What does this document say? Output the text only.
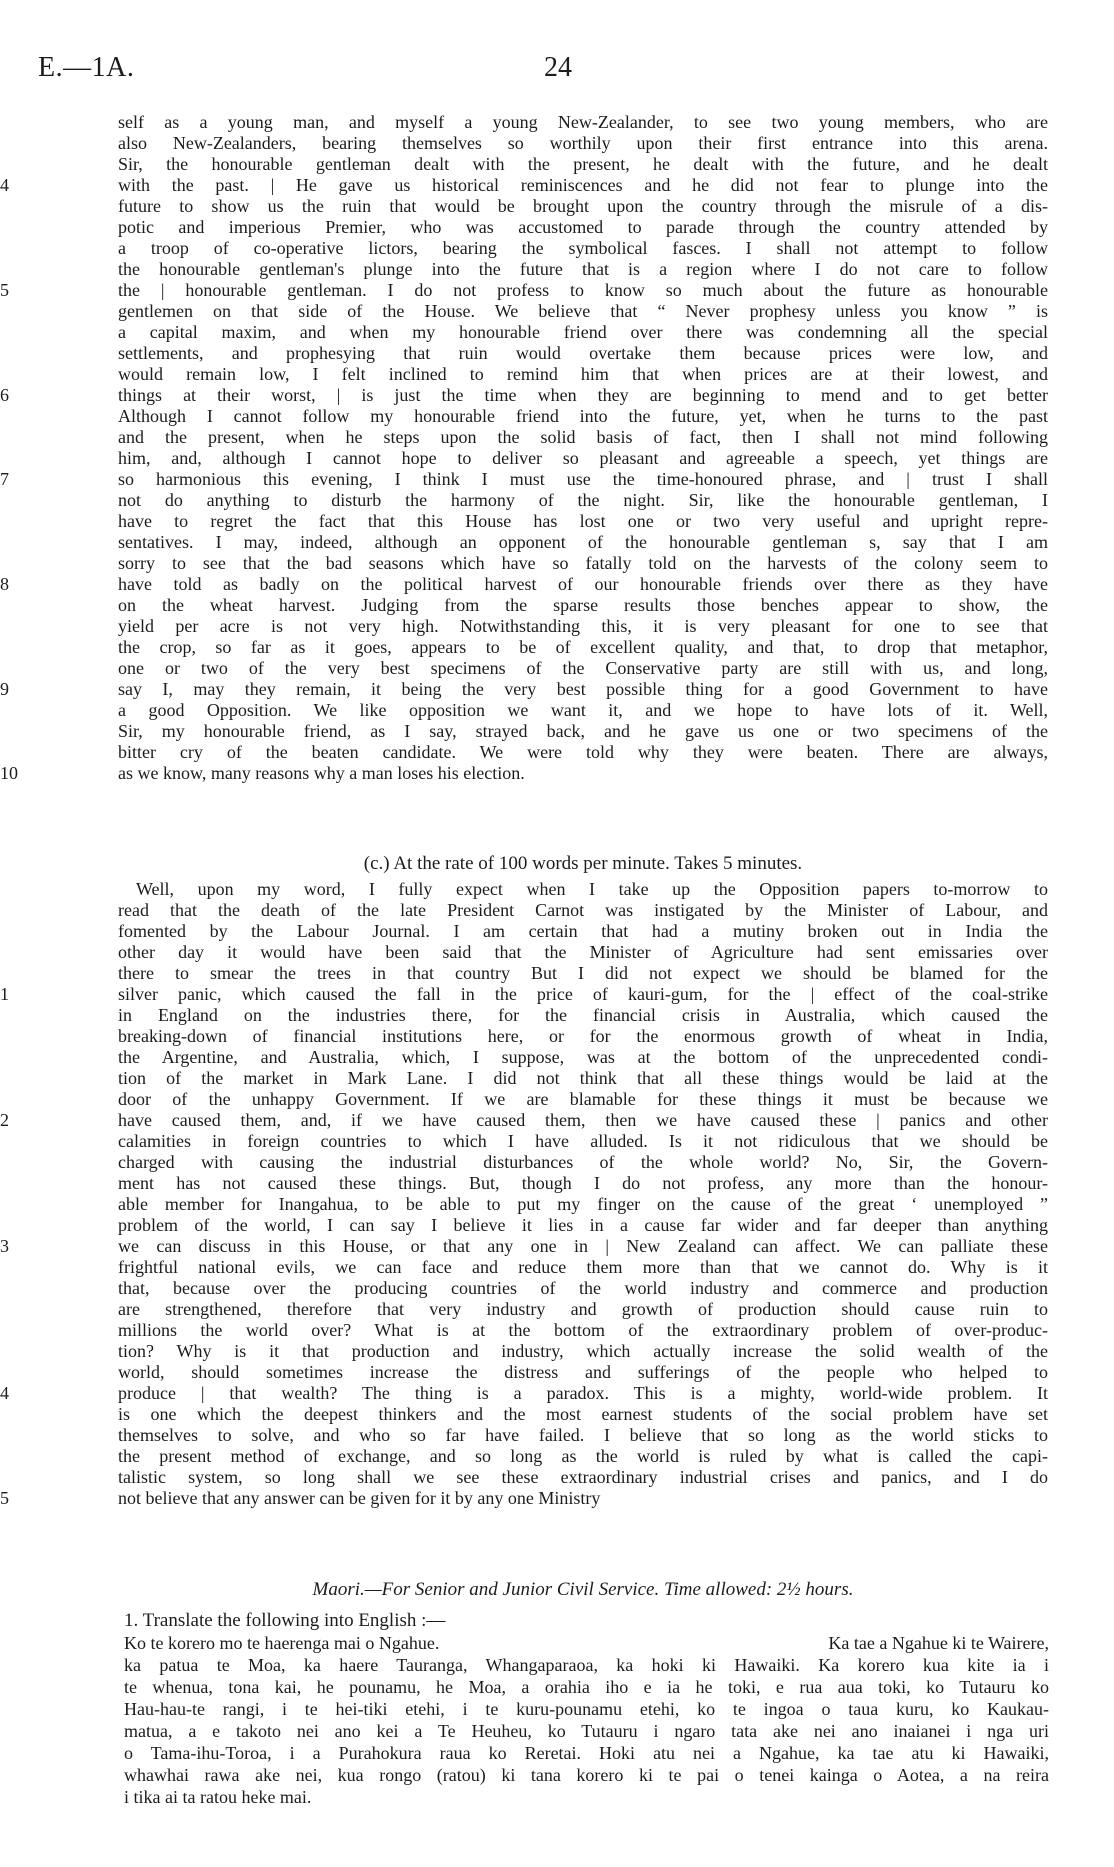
E.—1A.	24
self as a young man, and myself a young New-Zealander, to see two young members, who are
also New-Zealanders, bearing themselves so worthily upon their first entrance into this arena.
Sir, the honourable gentleman dealt with the present, he dealt with the future, and he dealt
4	with the past. | He gave us historical reminiscences and he did not fear to plunge into the
future to show us the ruin that would be brought upon the country through the misrule of a dis-
potic and imperious Premier, who was accustomed to parade through the country attended by
a troop of co-operative lictors, bearing the symbolical fasces. I shall not attempt to follow
the honourable gentleman's plunge into the future that is a region where I do not care to follow
5	the | honourable gentleman. I do not profess to know so much about the future as honourable
gentlemen on that side of the House. We believe that “ Never prophesy unless you know ” is
a capital maxim, and when my honourable friend over there was condemning all the special
settlements, and prophesying that ruin would overtake them because prices were low, and
would remain low, I felt inclined to remind him that when prices are at their lowest, and
6	things at their worst, | is just the time when they are beginning to mend and to get better
Although I cannot follow my honourable friend into the future, yet, when he turns to the past
and the present, when he steps upon the solid basis of fact, then I shall not mind following
him, and, although I cannot hope to deliver so pleasant and agreeable a speech, yet things are
7	so harmonious this evening, I think I must use the time-honoured phrase, and | trust I shall
not do anything to disturb the harmony of the night. Sir, like the honourable gentleman, I
have to regret the fact that this House has lost one or two very useful and upright repre-
sentatives. I may, indeed, although an opponent of the honourable gentleman s, say that I am
sorry to see that the bad seasons which have so fatally told on the harvests of the colony seem to
8	have told as badly on the political harvest of our honourable friends over there as they have
on the wheat harvest. Judging from the sparse results those benches appear to show, the
yield per acre is not very high. Notwithstanding this, it is very pleasant for one to see that
the crop, so far as it goes, appears to be of excellent quality, and that, to drop that metaphor,
one or two of the very best specimens of the Conservative party are still with us, and long,
9	say I, may they remain, it being the very best possible thing for a good Government to have
a good Opposition. We like opposition we want it, and we hope to have lots of it. Well,
Sir, my honourable friend, as I say, strayed back, and he gave us one or two specimens of the
bitter cry of the beaten candidate. We were told why they were beaten. There are always,
10	as we know, many reasons why a man loses his election.
(c.) At the rate of 100 words per minute. Takes 5 minutes.
Well, upon my word, I fully expect when I take up the Opposition papers to-morrow to
read that the death of the late President Carnot was instigated by the Minister of Labour, and
fomented by the Labour Journal. I am certain that had a mutiny broken out in India the
other day it would have been said that the Minister of Agriculture had sent emissaries over
there to smear the trees in that country But I did not expect we should be blamed for the
1	silver panic, which caused the fall in the price of kauri-gum, for the | effect of the coal-strike
in England on the industries there, for the financial crisis in Australia, which caused the
breaking-down of financial institutions here, or for the enormous growth of wheat in India,
the Argentine, and Australia, which, I suppose, was at the bottom of the unprecedented condi-
tion of the market in Mark Lane. I did not think that all these things would be laid at the
door of the unhappy Government. If we are blamable for these things it must be because we
2	have caused them, and, if we have caused them, then we have caused these | panics and other
calamities in foreign countries to which I have alluded. Is it not ridiculous that we should be
charged with causing the industrial disturbances of the whole world? No, Sir, the Govern-
ment has not caused these things. But, though I do not profess, any more than the honour-
able member for Inangahua, to be able to put my finger on the cause of the great ‘ unemployed ”
problem of the world, I can say I believe it lies in a cause far wider and far deeper than anything
3	we can discuss in this House, or that any one in | New Zealand can affect. We can palliate these
frightful national evils, we can face and reduce them more than that we cannot do. Why is it
that, because over the producing countries of the world industry and commerce and production
are strengthened, therefore that very industry and growth of production should cause ruin to
millions the world over? What is at the bottom of the extraordinary problem of over-produc-
tion? Why is it that production and industry, which actually increase the solid wealth of the
world, should sometimes increase the distress and sufferings of the people who helped to
4	produce | that wealth? The thing is a paradox. This is a mighty, world-wide problem. It
is one which the deepest thinkers and the most earnest students of the social problem have set
themselves to solve, and who so far have failed. I believe that so long as the world sticks to
the present method of exchange, and so long as the world is ruled by what is called the capi-
talistic system, so long shall we see these extraordinary industrial crises and panics, and I do
5	not believe that any answer can be given for it by any one Ministry
Maori.—For Senior and Junior Civil Service. Time allowed: 2½ hours.
1. Translate the following into English :—
Ko te korero mo te haerenga mai o Ngahue.	Ka tae a Ngahue ki te Wairere,
ka patua te Moa, ka haere Tauranga, Whangaparaoa, ka hoki ki Hawaiki. Ka korero kua kite ia i
te whenua, tona kai, he pounamu, he Moa, a orahia iho e ia he toki, e rua aua toki, ko Tutauru ko
Hau-hau-te rangi, i te hei-tiki etehi, i te kuru-pounamu etehi, ko te ingoa o taua kuru, ko Kaukau-
matua, a e takoto nei ano kei a Te Heuheu, ko Tutauru i ngaro tata ake nei ano inaianei i nga uri
o Tama-ihu-Toroa, i a Purahokura raua ko Reretai. Hoki atu nei a Ngahue, ka tae atu ki Hawaiki,
whawhai rawa ake nei, kua rongo (ratou) ki tana korero ki te pai o tenei kainga o Aotea, a na reira
i tika ai ta ratou heke mai.
